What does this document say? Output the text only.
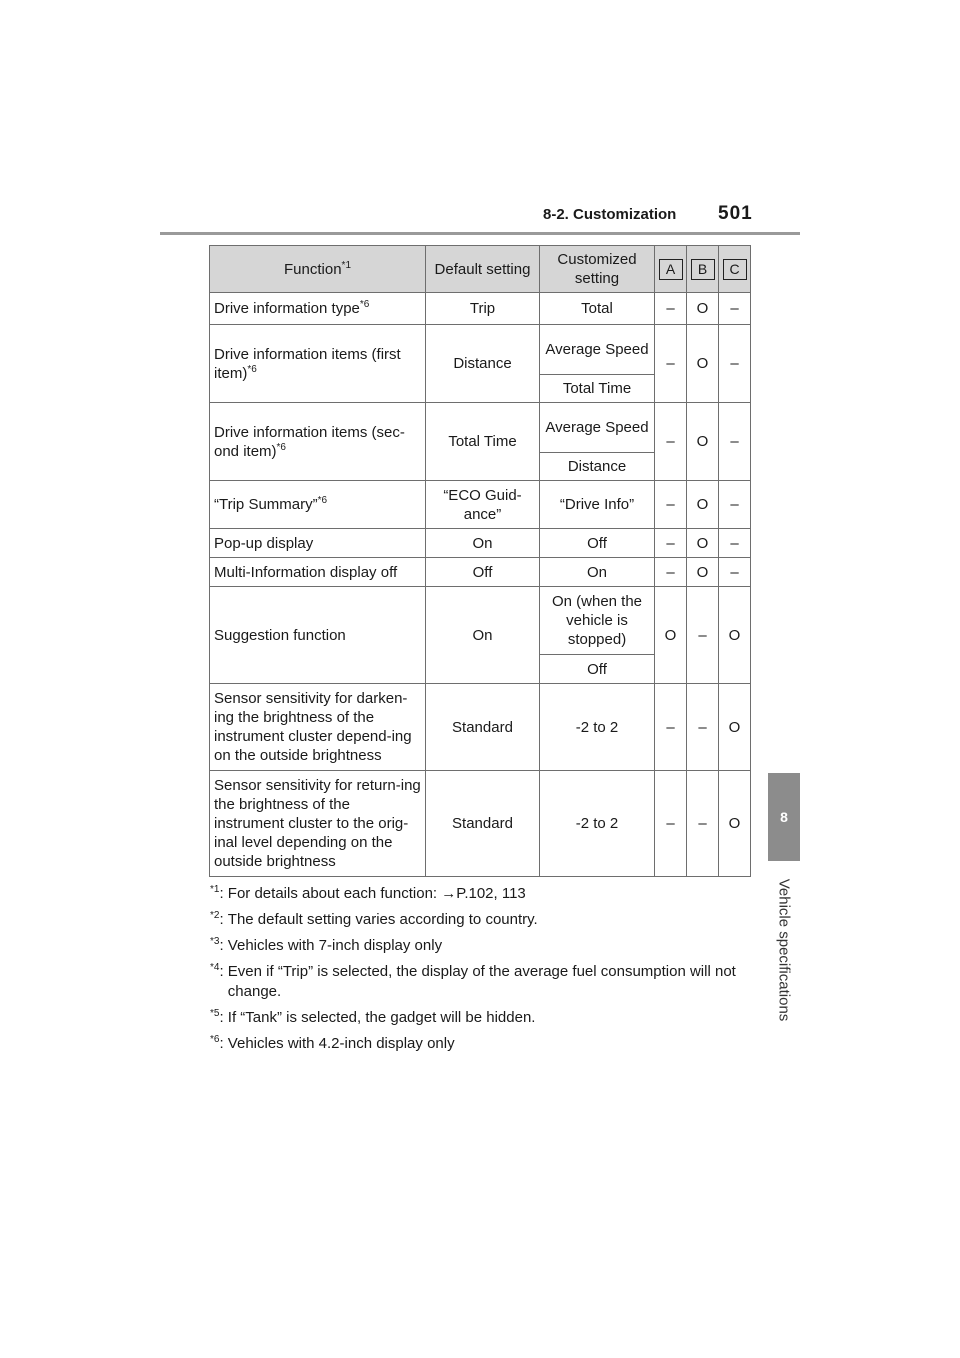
8-2. Customization 501
8
Vehicle specifications
Function$^{*1}$	Default setting	Customized setting	A	B	C
Drive information type$^{*6}$	Trip	Total	–	O	–
Drive information items (first item)$^{*6}$	Distance	Average Speed	–	O	–
		Total Time			
Drive information items (sec-ond item)$^{*6}$	Total Time	Average Speed	–	O	–
		Distance			
“Trip Summary”$^{*6}$	“ECO Guid-ance”	“Drive Info”	–	O	–
Pop-up display	On	Off	–	O	–
Multi-Information display off	Off	On	–	O	–
Suggestion function	On	On (when the vehicle is stopped)	O	–	O
		Off			
Sensor sensitivity for darken-ing the brightness of the instrument cluster depend-ing on the outside brightness	Standard	-2 to 2	–	–	O
Sensor sensitivity for return-ing the brightness of the instrument cluster to the orig-inal level depending on the outside brightness	Standard	-2 to 2	–	–	O
$^{*1}$: For details about each function: →P.102, 113
$^{*2}$: The default setting varies according to country.
$^{*3}$: Vehicles with 7-inch display only
$^{*4}$: Even if “Trip” is selected, the display of the average fuel consumption will not change.
$^{*5}$: If “Tank” is selected, the gadget will be hidden.
$^{*6}$: Vehicles with 4.2-inch display only
